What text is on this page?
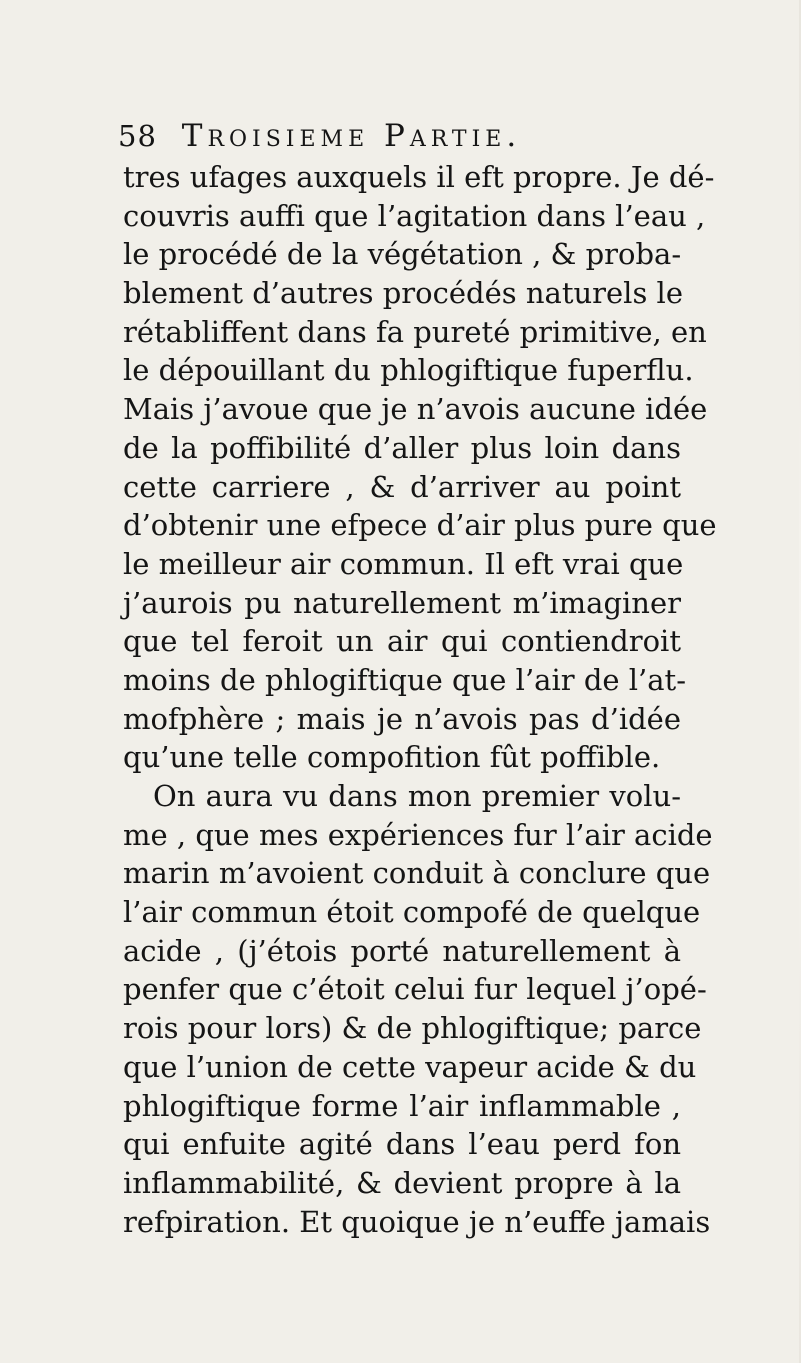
58 Troisieme Partie.
tres ufages auxquels il eft propre. Je dé-
couvris auffi que l’agitation dans l’eau ,
le procédé de la végétation , & proba-
blement d’autres procédés naturels le
rétabliffent dans fa pureté primitive, en
le dépouillant du phlogiftique fuperflu.
Mais j’avoue que je n’avois aucune idée
de la poffibilité d’aller plus loin dans
cette carriere , & d’arriver au point
d’obtenir une efpece d’air plus pure que
le meilleur air commun. Il eft vrai que
j’aurois pu naturellement m’imaginer
que tel feroit un air qui contiendroit
moins de phlogiftique que l’air de l’at-
mofphère ; mais je n’avois pas d’idée
qu’une telle compofition fût poffible.
On aura vu dans mon premier volu-
me , que mes expériences fur l’air acide
marin m’avoient conduit à conclure que
l’air commun étoit compofé de quelque
acide , (j’étois porté naturellement à
penfer que c’étoit celui fur lequel j’opé-
rois pour lors) & de phlogiftique; parce
que l’union de cette vapeur acide & du
phlogiftique forme l’air inflammable ,
qui enfuite agité dans l’eau perd fon
inflammabilité, & devient propre à la
refpiration. Et quoique je n’euffe jamais
